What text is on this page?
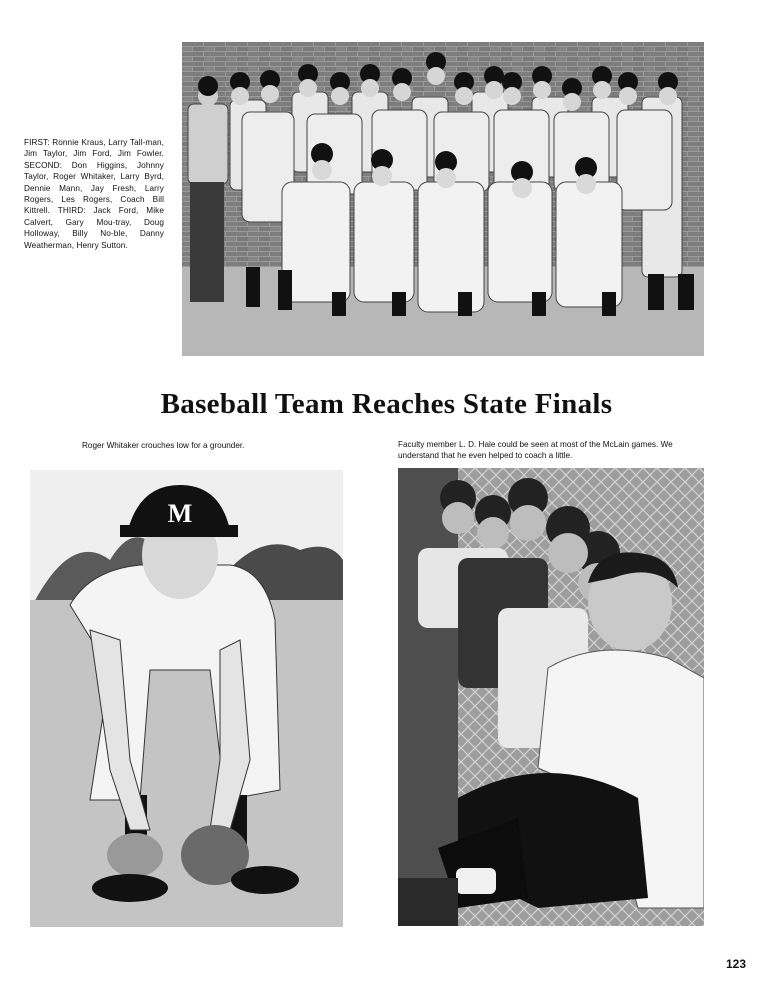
FIRST: Ronnie Kraus, Larry Tall-man, Jim Taylor, Jim Ford, Jim Fowler. SECOND: Don Higgins, Johnny Taylor, Roger Whitaker, Larry Byrd, Dennie Mann, Jay Fresh, Larry Rogers, Les Rogers, Coach Bill Kittrell. THIRD: Jack Ford, Mike Calvert, Gary Mou-tray, Doug Holloway, Billy No-ble, Danny Weatherman, Henry Sutton.
Baseball Team Reaches State Finals
Roger Whitaker crouches low for a grounder.	Faculty member L. D. Hale could be seen at most of the McLain games. We understand that he even helped to coach a little.
M
123
